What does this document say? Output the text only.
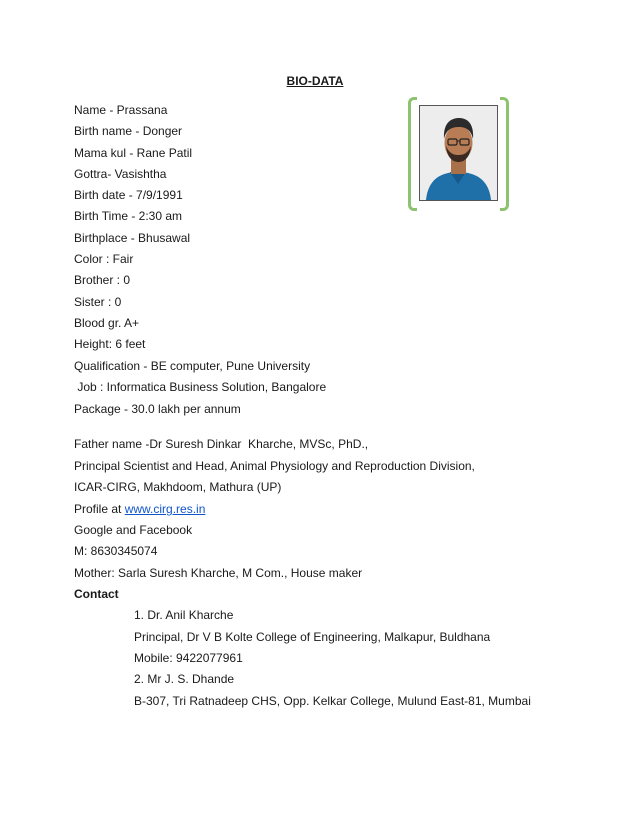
BIO-DATA
Name - Prassana
Birth name - Donger
Mama kul - Rane Patil
Gottra- Vasishtha
Birth date - 7/9/1991
Birth Time - 2:30 am
Birthplace - Bhusawal
Color : Fair
Brother : 0
Sister : 0
Blood gr. A+
Height: 6 feet
Qualification - BE computer, Pune University
Job : Informatica Business Solution, Bangalore
Package - 30.0 lakh per annum
Father name -Dr Suresh Dinkar  Kharche, MVSc, PhD.,
Principal Scientist and Head, Animal Physiology and Reproduction Division,
ICAR-CIRG, Makhdoom, Mathura (UP)
Profile at www.cirg.res.in
Google and Facebook
M: 8630345074
Mother: Sarla Suresh Kharche, M Com., House maker
Contact
1. Dr. Anil Kharche
Principal, Dr V B Kolte College of Engineering, Malkapur, Buldhana
Mobile: 9422077961
2. Mr J. S. Dhande
B-307, Tri Ratnadeep CHS, Opp. Kelkar College, Mulund East-81, Mumbai
